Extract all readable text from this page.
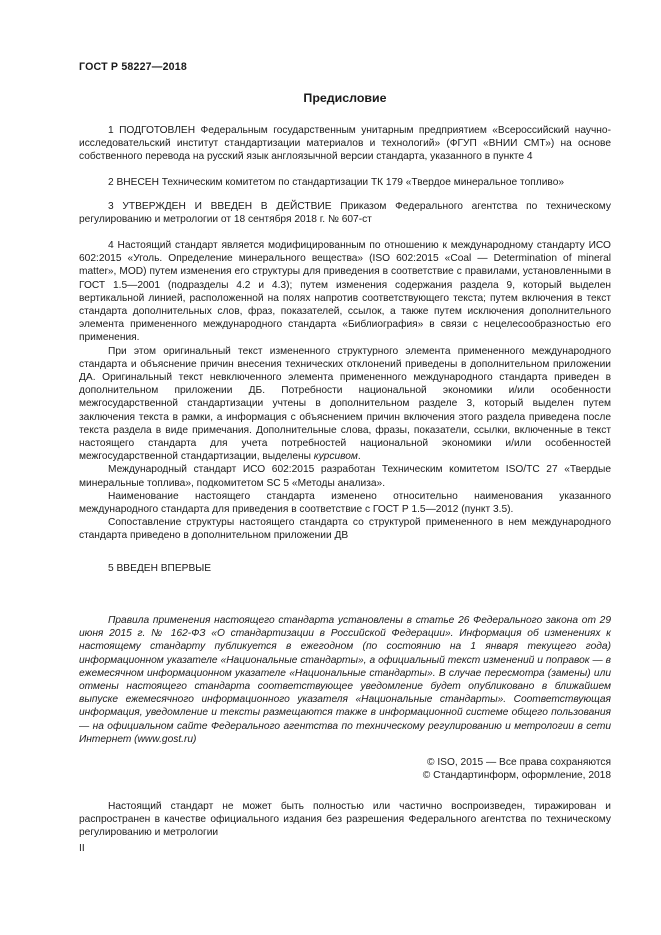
ГОСТ Р 58227—2018
Предисловие

1 ПОДГОТОВЛЕН Федеральным государственным унитарным предприятием «Всероссийский научно-исследовательский институт стандартизации материалов и технологий» (ФГУП «ВНИИ СМТ») на основе собственного перевода на русский язык англоязычной версии стандарта, указанного в пункте 4

2 ВНЕСЕН Техническим комитетом по стандартизации ТК 179 «Твердое минеральное топливо»

3 УТВЕРЖДЕН И ВВЕДЕН В ДЕЙСТВИЕ Приказом Федерального агентства по техническому регулированию и метрологии от 18 сентября 2018 г. № 607-ст

4 Настоящий стандарт является модифицированным по отношению к международному стандарту ИСО 602:2015 «Уголь. Определение минерального вещества» (ISO 602:2015 «Coal — Determination of mineral matter», MOD) путем изменения его структуры для приведения в соответствие с правилами, установленными в ГОСТ 1.5—2001 (подразделы 4.2 и 4.3); путем изменения содержания раздела 9, который выделен вертикальной линией, расположенной на полях напротив соответствующего текста; путем включения в текст стандарта дополнительных слов, фраз, показателей, ссылок, а также путем исключения дополнительного элемента примененного международного стандарта «Библиография» в связи с нецелесообразностью его применения.

При этом оригинальный текст измененного структурного элемента примененного международного стандарта и объяснение причин внесения технических отклонений приведены в дополнительном приложении ДА. Оригинальный текст невключенного элемента примененного международного стандарта приведен в дополнительном приложении ДБ. Потребности национальной экономики и/или особенности межгосударственной стандартизации учтены в дополнительном разделе 3, который выделен путем заключения текста в рамки, а информация с объяснением причин включения этого раздела приведена после текста раздела в виде примечания. Дополнительные слова, фразы, показатели, ссылки, включенные в текст настоящего стандарта для учета потребностей национальной экономики и/или особенностей межгосударственной стандартизации, выделены курсивом.

Международный стандарт ИСО 602:2015 разработан Техническим комитетом ISO/TC 27 «Твердые минеральные топлива», подкомитетом SC 5 «Методы анализа».

Наименование настоящего стандарта изменено относительно наименования указанного международного стандарта для приведения в соответствие с ГОСТ Р 1.5—2012 (пункт 3.5).

Сопоставление структуры настоящего стандарта со структурой примененного в нем международного стандарта приведено в дополнительном приложении ДВ

5 ВВЕДЕН ВПЕРВЫЕ

Правила применения настоящего стандарта установлены в статье 26 Федерального закона от 29 июня 2015 г. № 162-ФЗ «О стандартизации в Российской Федерации». Информация об изменениях к настоящему стандарту публикуется в ежегодном (по состоянию на 1 января текущего года) информационном указателе «Национальные стандарты», а официальный текст изменений и поправок — в ежемесячном информационном указателе «Национальные стандарты». В случае пересмотра (замены) или отмены настоящего стандарта соответствующее уведомление будет опубликовано в ближайшем выпуске ежемесячного информационного указателя «Национальные стандарты». Соответствующая информация, уведомление и тексты размещаются также в информационной системе общего пользования — на официальном сайте Федерального агентства по техническому регулированию и метрологии в сети Интернет (www.gost.ru)

© ISO, 2015 — Все права сохраняются
© Стандартинформ, оформление, 2018

Настоящий стандарт не может быть полностью или частично воспроизведен, тиражирован и распространен в качестве официального издания без разрешения Федерального агентства по техническому регулированию и метрологии

II
